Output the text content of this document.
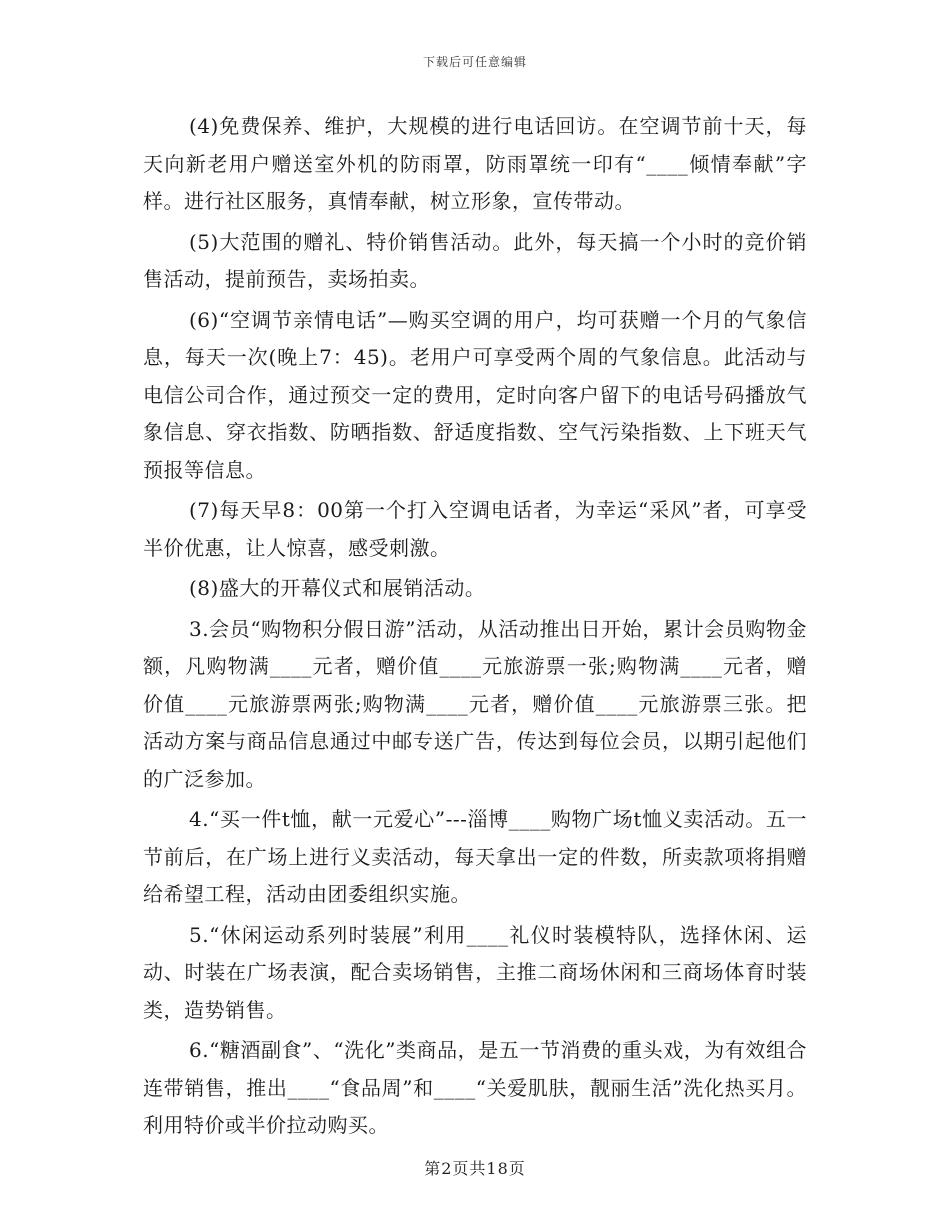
下载后可任意编辑

(4)免费保养、维护，大规模的进行电话回访。在空调节前十天，每天向新老用户赠送室外机的防雨罩，防雨罩统一印有“____倾情奉献”字样。进行社区服务，真情奉献，树立形象，宣传带动。

(5)大范围的赠礼、特价销售活动。此外，每天搞一个小时的竞价销售活动，提前预告，卖场拍卖。

(6)“空调节亲情电话”—购买空调的用户，均可获赠一个月的气象信息，每天一次(晚上7：45)。老用户可享受两个周的气象信息。此活动与电信公司合作，通过预交一定的费用，定时向客户留下的电话号码播放气象信息、穿衣指数、防晒指数、舒适度指数、空气污染指数、上下班天气预报等信息。

(7)每天早8：00第一个打入空调电话者，为幸运“采风”者，可享受半价优惠，让人惊喜，感受刺激。

(8)盛大的开幕仪式和展销活动。

3.会员“购物积分假日游”活动，从活动推出日开始，累计会员购物金额，凡购物满____元者，赠价值____元旅游票一张;购物满____元者，赠价值____元旅游票两张;购物满____元者，赠价值____元旅游票三张。把活动方案与商品信息通过中邮专送广告，传达到每位会员，以期引起他们的广泛参加。

4.“买一件t恤，献一元爱心”---淄博____购物广场t恤义卖活动。五一节前后，在广场上进行义卖活动，每天拿出一定的件数，所卖款项将捐赠给希望工程，活动由团委组织实施。

5.“休闲运动系列时装展”利用____礼仪时装模特队，选择休闲、运动、时装在广场表演，配合卖场销售，主推二商场休闲和三商场体育时装类，造势销售。

6.“糖酒副食”、“洗化”类商品，是五一节消费的重头戏，为有效组合连带销售，推出____“食品周”和____“关爱肌肤，靓丽生活”洗化热买月。利用特价或半价拉动购买。

第2页共18页
